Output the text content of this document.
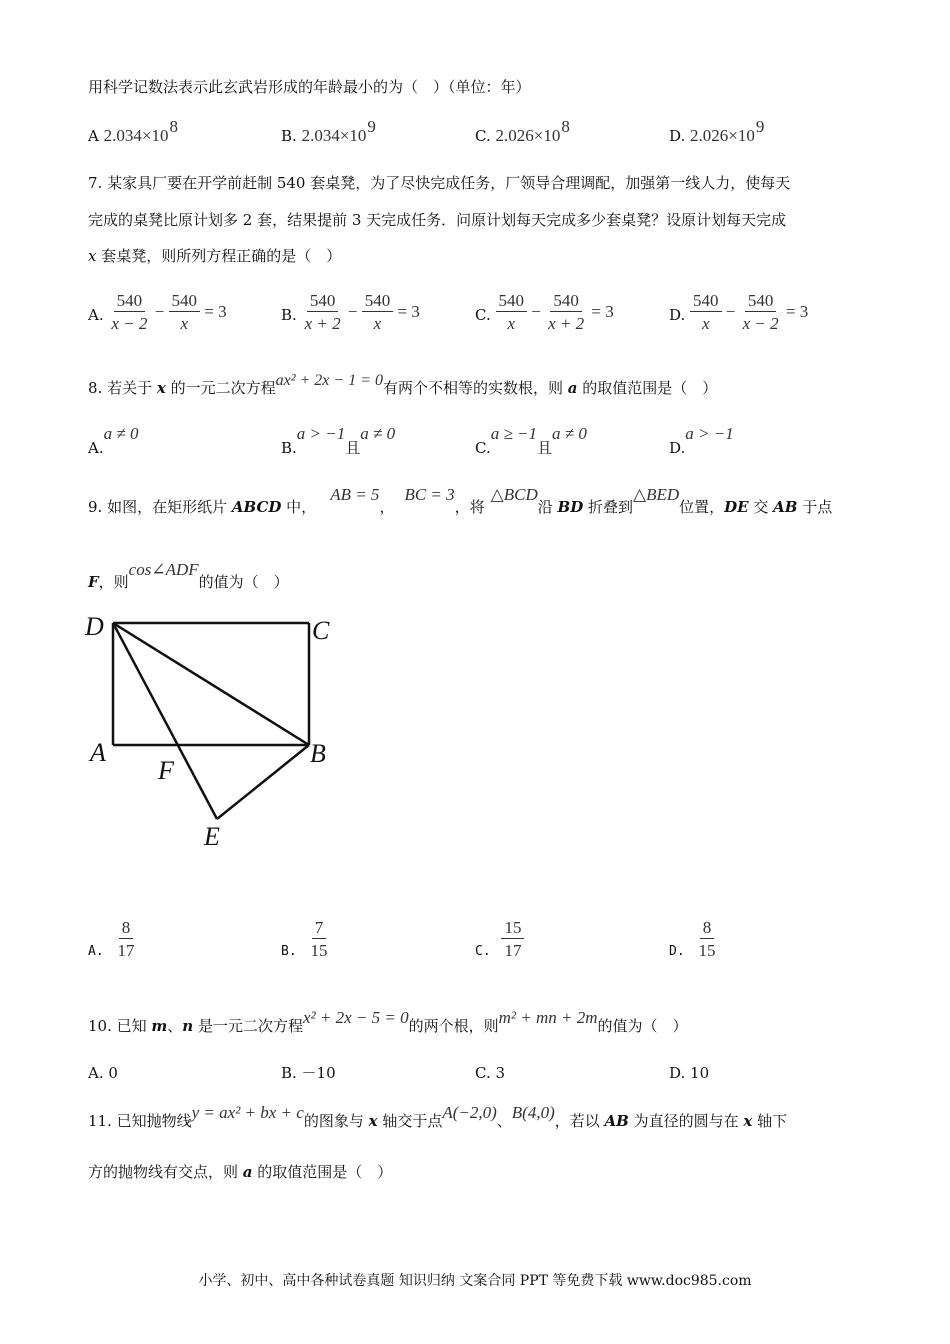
用科学记数法表示此玄武岩形成的年龄最小的为（　）（单位：年）
A $2.034\times 10^8$	B. $2.034\times 10^9$	C. $2.026\times 10^8$	D. $2.026\times 10^9$
7. 某家具厂要在开学前赶制 540 套桌凳，为了尽快完成任务，厂领导合理调配，加强第一线人力，使每天
完成的桌凳比原计划多 2 套，结果提前 3 天完成任务．问原计划每天完成多少套桌凳？设原计划每天完成
x 套桌凳，则所列方程正确的是（　）
A. $\frac{540}{x - 2} - \frac{540}{x}$
= 3	B. $\frac{540}{x + 2} - \frac{540}{x}$
= 3	C. $\frac{540}{x} - \frac{540}{x + 2}$
= 3	D. $\frac{540}{x} - \frac{540}{x - 2}$
= 3
8. 若关于 x 的一元二次方程ax² + 2x − 1 = 0有两个不相等的实数根，则 a 的取值范围是（　）
A.a ≠ 0
B.a > −1且a ≠ 0
C.a ≥ −1且a ≠ 0
D.a > −1
9. 如图，在矩形纸片 ABCD 中，AB = 5，BC = 3，将△BCD沿 BD 折叠到△BED位置，DE 交 AB 于点
F，则cos∠ADF的值为（　）
D	C
A	B
F
E
A. $\frac{8}{17}$	B. $\frac{7}{15}$	C. $\frac{15}{17}$	D. $\frac{8}{15}$
10. 已知 m、n 是一元二次方程x² + 2x − 5 = 0的两个根，则m² + mn + 2m的值为（　）
A. 0	B. －10	C. 3	D. 10
11. 已知抛物线y = ax² + bx + c的图象与 x 轴交于点A(−2,0)、B(4,0)，若以 AB 为直径的圆与在 x 轴下
方的抛物线有交点，则 a 的取值范围是（　）
小学、初中、高中各种试卷真题 知识归纳 文案合同 PPT 等免费下载 www.doc985.com
